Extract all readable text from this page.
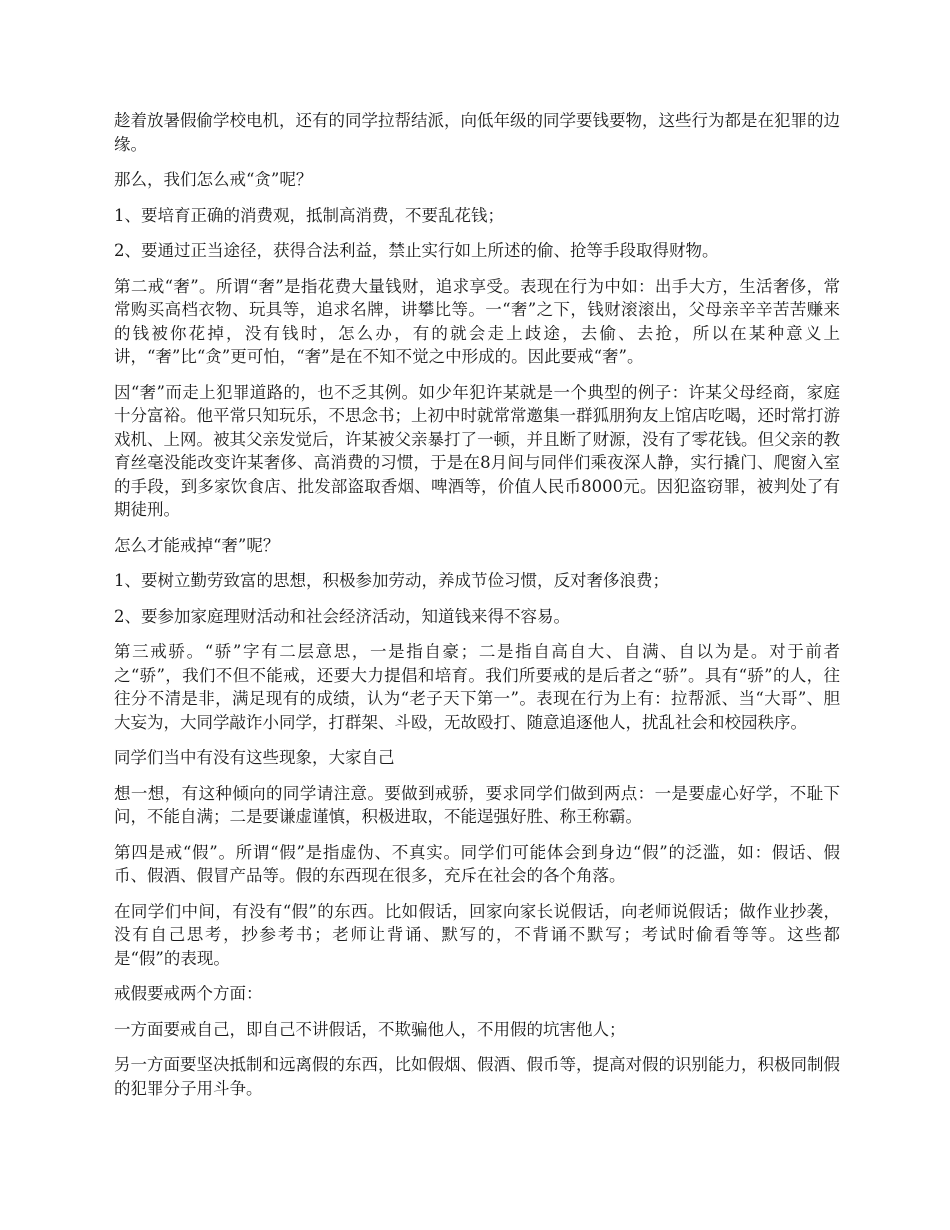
趁着放暑假偷学校电机，还有的同学拉帮结派，向低年级的同学要钱要物，这些行为都是在犯罪的边缘。

那么，我们怎么戒“贪”呢？

1、要培育正确的消费观，抵制高消费，不要乱花钱；

2、要通过正当途径，获得合法利益，禁止实行如上所述的偷、抢等手段取得财物。

第二戒“奢”。所谓“奢”是指花费大量钱财，追求享受。表现在行为中如：出手大方，生活奢侈，常常购买高档衣物、玩具等，追求名牌，讲攀比等。一“奢”之下，钱财滚滚出，父母亲辛辛苦苦赚来的钱被你花掉，没有钱时，怎么办，有的就会走上歧途，去偷、去抢，所以在某种意义上讲，“奢”比“贪”更可怕，“奢”是在不知不觉之中形成的。因此要戒“奢”。

因“奢”而走上犯罪道路的，也不乏其例。如少年犯许某就是一个典型的例子：许某父母经商，家庭十分富裕。他平常只知玩乐，不思念书；上初中时就常常邀集一群狐朋狗友上馆店吃喝，还时常打游戏机、上网。被其父亲发觉后，许某被父亲暴打了一顿，并且断了财源，没有了零花钱。但父亲的教育丝毫没能改变许某奢侈、高消费的习惯，于是在8月间与同伴们乘夜深人静，实行撬门、爬窗入室的手段，到多家饮食店、批发部盗取香烟、啤酒等，价值人民币8000元。因犯盗窃罪，被判处了有期徒刑。

怎么才能戒掉“奢”呢？

1、要树立勤劳致富的思想，积极参加劳动，养成节俭习惯，反对奢侈浪费；

2、要参加家庭理财活动和社会经济活动，知道钱来得不容易。

第三戒骄。“骄”字有二层意思，一是指自豪；二是指自高自大、自满、自以为是。对于前者之“骄”，我们不但不能戒，还要大力提倡和培育。我们所要戒的是后者之“骄”。具有“骄”的人，往往分不清是非，满足现有的成绩，认为“老子天下第一”。表现在行为上有：拉帮派、当“大哥”、胆大妄为，大同学敲诈小同学，打群架、斗殴，无故殴打、随意追逐他人，扰乱社会和校园秩序。

同学们当中有没有这些现象，大家自己

想一想，有这种倾向的同学请注意。要做到戒骄，要求同学们做到两点：一是要虚心好学，不耻下问，不能自满；二是要谦虚谨慎，积极进取，不能逞强好胜、称王称霸。

第四是戒“假”。所谓“假”是指虚伪、不真实。同学们可能体会到身边“假”的泛滥，如：假话、假币、假酒、假冒产品等。假的东西现在很多，充斥在社会的各个角落。

在同学们中间，有没有“假”的东西。比如假话，回家向家长说假话，向老师说假话；做作业抄袭，没有自己思考，抄参考书；老师让背诵、默写的，不背诵不默写；考试时偷看等等。这些都是“假”的表现。

戒假要戒两个方面：

一方面要戒自己，即自己不讲假话，不欺骗他人，不用假的坑害他人；

另一方面要坚决抵制和远离假的东西，比如假烟、假酒、假币等，提高对假的识别能力，积极同制假的犯罪分子用斗争。
